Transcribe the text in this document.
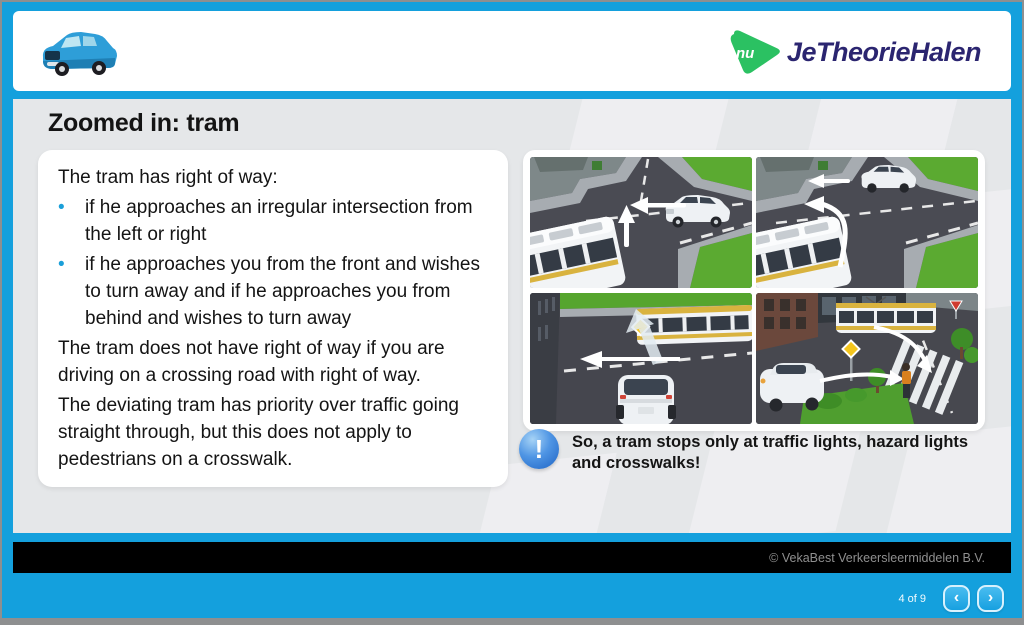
nu JeTheorieHalen
Zoomed in: tram

The tram has right of way:

•	if he approaches an irregular intersection from the left or right
•	if he approaches you from the front and wishes to turn away and if he approaches you from behind and wishes to turn away

The tram does not have right of way if you are driving on a crossing road with right of way.

The deviating tram has priority over traffic going straight through, but this does not apply to pedestrians on a crosswalk.	!	So, a tram stops only at traffic lights, hazard lights and crosswalks!
© VekaBest Verkeersleermiddelen B.V.
4 of 9 ‹ ›
